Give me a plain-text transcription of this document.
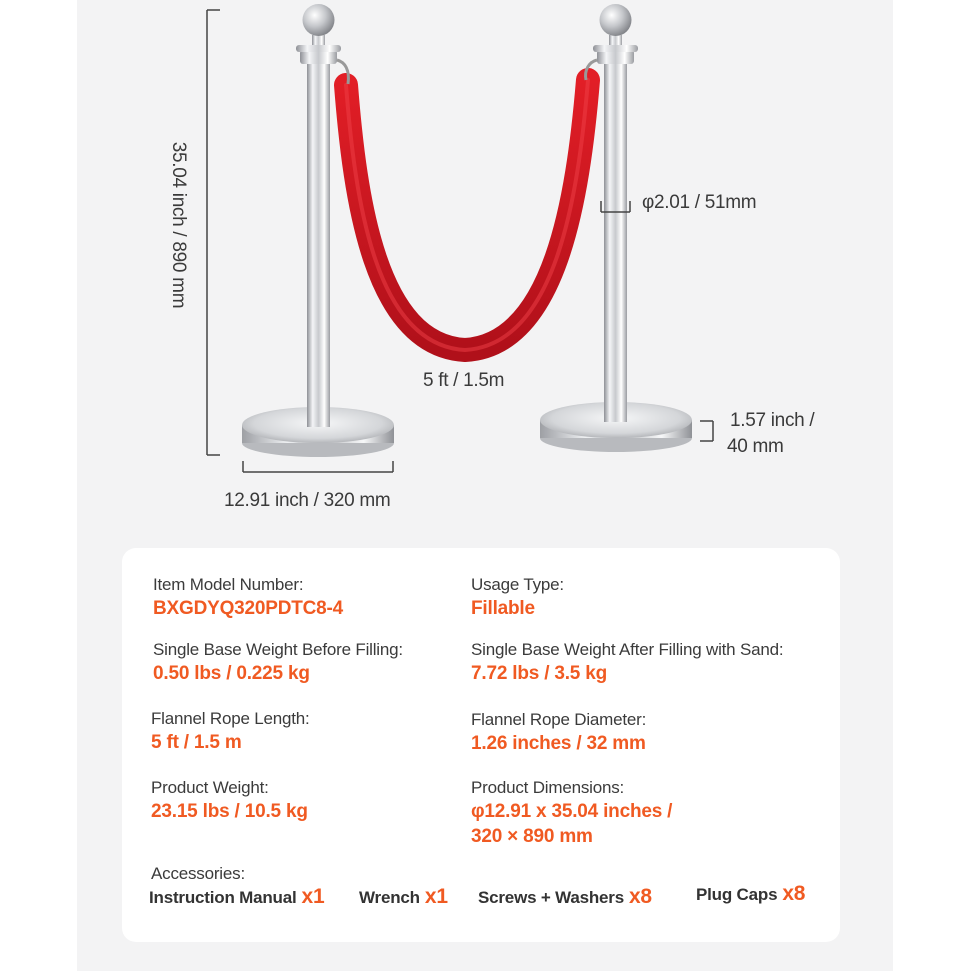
35.04 inch / 890 mm	φ2.01 / 51mm
5 ft / 1.5m
1.57 inch /
40 mm
12.91 inch / 320 mm
Item Model Number:
BXGDYQ320PDTC8-4
Usage Type:
Fillable
Single Base Weight Before Filling:
0.50 lbs / 0.225 kg
Single Base Weight After Filling with Sand:
7.72 lbs / 3.5 kg
Flannel Rope Length:
5 ft / 1.5 m
Flannel Rope Diameter:
1.26 inches / 32 mm
Product Weight:
23.15 lbs / 10.5 kg
Product Dimensions:
φ12.91 x 35.04 inches /
320 × 890 mm
Accessories:
Instruction Manual x1 Wrench x1 Screws + Washers x8	Plug Caps x8
